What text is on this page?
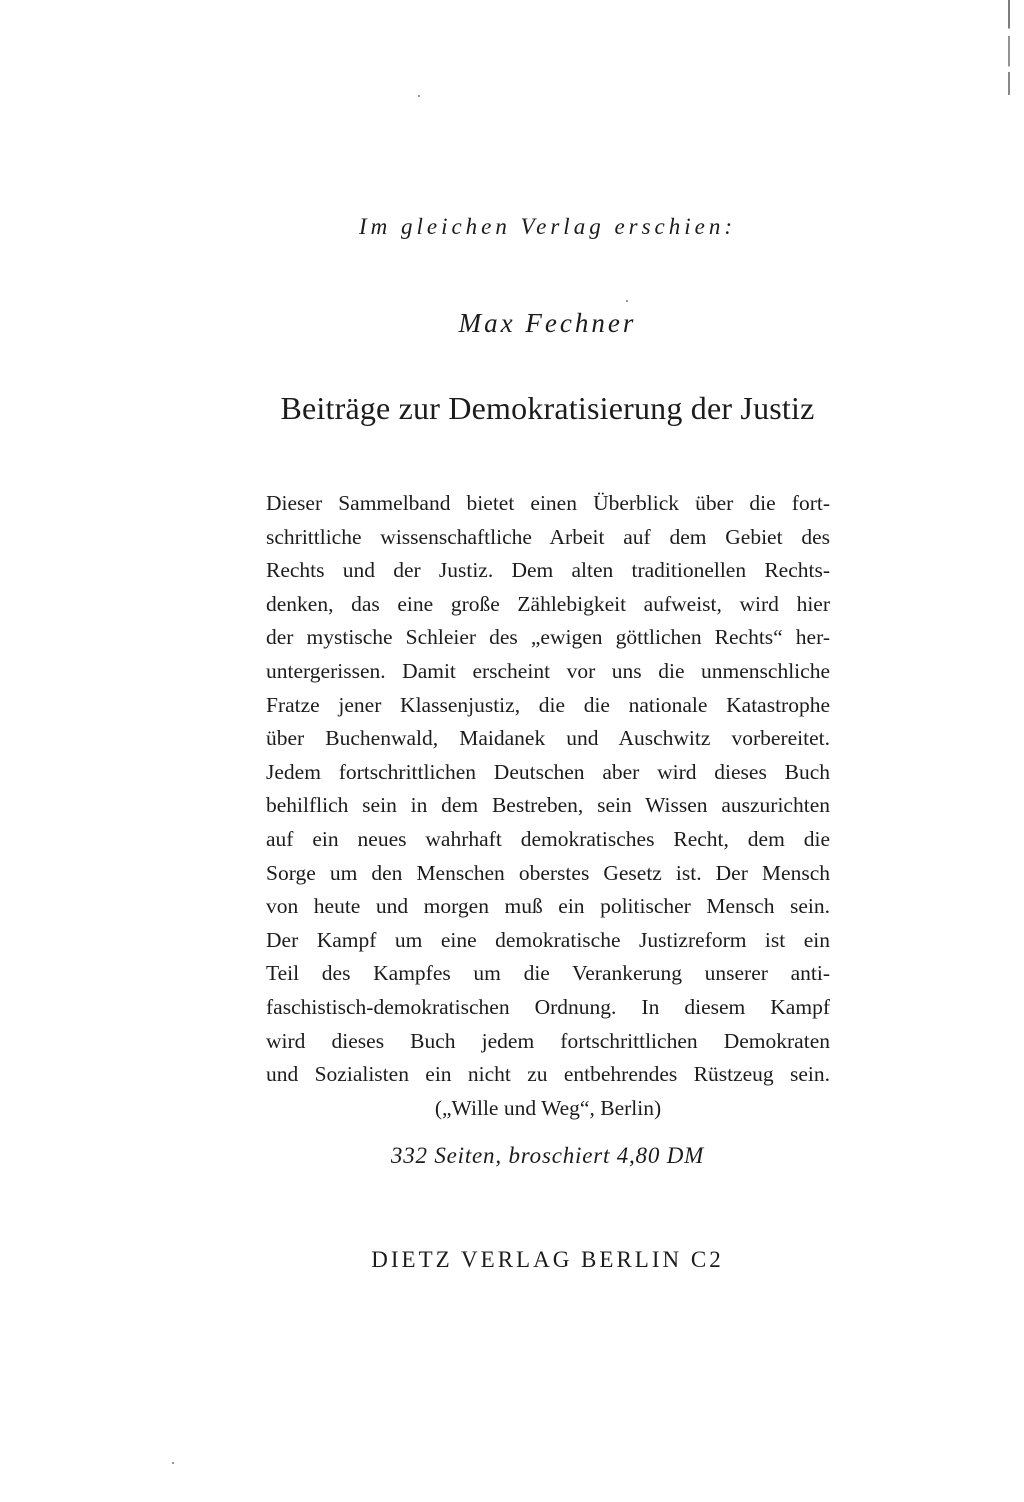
Im gleichen Verlag erschien:
Max Fechner
Beiträge zur Demokratisierung der Justiz
Dieser Sammelband bietet einen Überblick über die fort-
schrittliche wissenschaftliche Arbeit auf dem Gebiet des
Rechts und der Justiz. Dem alten traditionellen Rechts-
denken, das eine große Zählebigkeit aufweist, wird hier
der mystische Schleier des „ewigen göttlichen Rechts“ her-
untergerissen. Damit erscheint vor uns die unmenschliche
Fratze jener Klassenjustiz, die die nationale Katastrophe
über Buchenwald, Maidanek und Auschwitz vorbereitet.
Jedem fortschrittlichen Deutschen aber wird dieses Buch
behilflich sein in dem Bestreben, sein Wissen auszurichten
auf ein neues wahrhaft demokratisches Recht, dem die
Sorge um den Menschen oberstes Gesetz ist. Der Mensch
von heute und morgen muß ein politischer Mensch sein.
Der Kampf um eine demokratische Justizreform ist ein
Teil des Kampfes um die Verankerung unserer anti-
faschistisch-demokratischen Ordnung. In diesem Kampf
wird dieses Buch jedem fortschrittlichen Demokraten
und Sozialisten ein nicht zu entbehrendes Rüstzeug sein.
(„Wille und Weg“, Berlin)
332 Seiten, broschiert 4,80 DM
DIETZ VERLAG BERLIN C2
